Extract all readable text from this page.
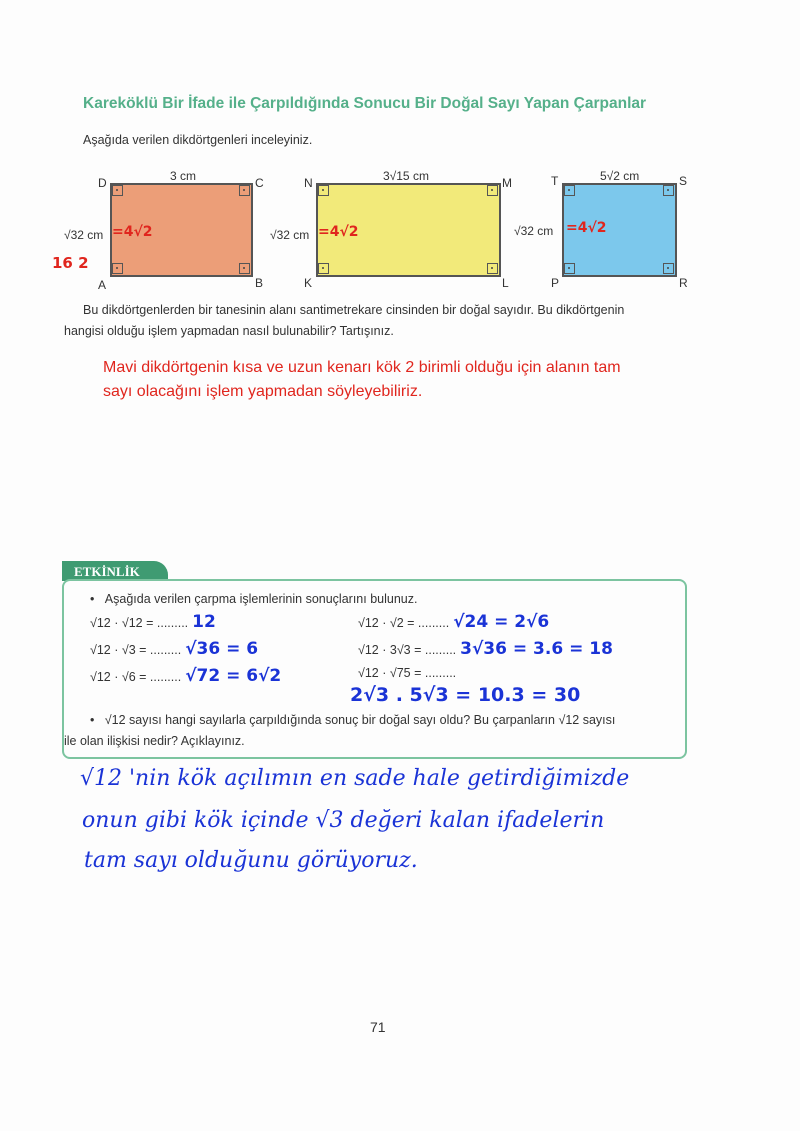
Kareköklü Bir İfade ile Çarpıldığında Sonucu Bir Doğal Sayı Yapan Çarpanlar
Aşağıda verilen dikdörtgenleri inceleyiniz.
3 cm
√32 cm
D	C
A	B
=4√2
16 2
3√15 cm
√32 cm
N	M
K	L
=4√2
5√2 cm
√32 cm
T	S
P	R
=4√2
Bu dikdörtgenlerden bir tanesinin alanı santimetrekare cinsinden bir doğal sayıdır. Bu dikdörtgenin
hangisi olduğu işlem yapmadan nasıl bulunabilir? Tartışınız.
Mavi dikdörtgenin kısa ve uzun kenarı kök 2 birimli olduğu için alanın tam
sayı olacağını işlem yapmadan söyleyebiliriz.
ETKİNLİK
•   Aşağıda verilen çarpma işlemlerinin sonuçlarını bulunuz.
√12 · √12 = ......... 12
√12 · √3 = ......... √36 = 6
√12 · √6 = ......... √72 = 6√2
√12 · √2 = ......... √24 = 2√6
√12 · 3√3 = ......... 3√36 = 3.6 = 18
√12 · √75 = .........
2√3 . 5√3 = 10.3 = 30
•   √12 sayısı hangi sayılarla çarpıldığında sonuç bir doğal sayı oldu? Bu çarpanların √12 sayısı
ile olan ilişkisi nedir? Açıklayınız.
√12 'nin kök açılımın en sade hale getirdiğimizde
onun gibi kök içinde √3 değeri kalan ifadelerin
tam sayı olduğunu görüyoruz.
71
